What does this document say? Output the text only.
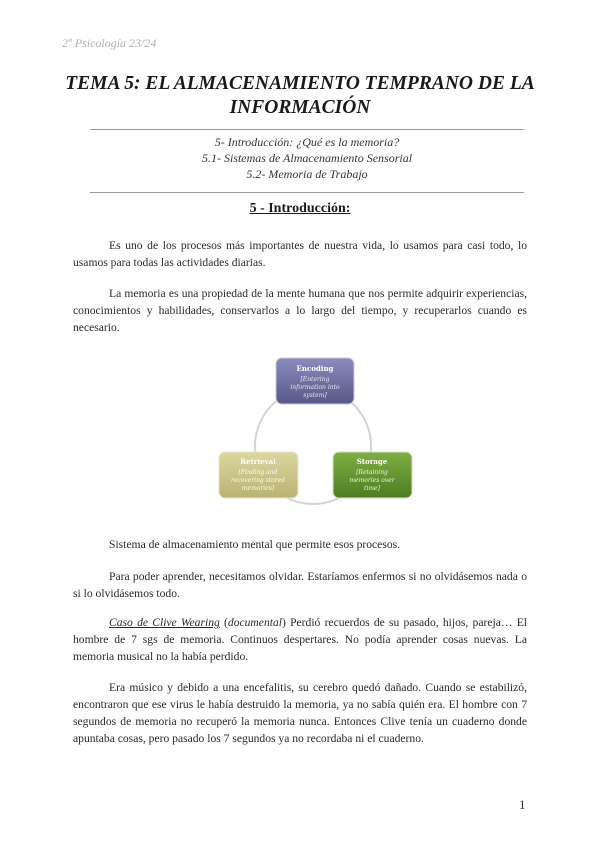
2º Psicología 23/24
TEMA 5: EL ALMACENAMIENTO TEMPRANO DE LA
INFORMACIÓN
5- Introducción: ¿Qué es la memoria?
5.1- Sistemas de Almacenamiento Sensorial
5.2- Memoria de Trabajo
5 - Introducción:

Es uno de los procesos más importantes de nuestra vida, lo usamos para casi todo, lo usamos para todas las actividades diarias.

La memoria es una propiedad de la mente humana que nos permite adquirir experiencias, conocimientos y habilidades, conservarlos a lo largo del tiempo, y recuperarlos cuando es necesario.

Encoding
[Entering
information into
system]
Storage
[Retaining
memories over
time]
Retrieval
[Finding and
recovering stored
memories]

Sistema de almacenamiento mental que permite esos procesos.

Para poder aprender, necesitamos olvidar. Estaríamos enfermos si no olvidásemos nada o si lo olvidásemos todo.

Caso de Clive Wearing (documental) Perdió recuerdos de su pasado, hijos, pareja… El hombre de 7 sgs de memoria. Continuos despertares. No podía aprender cosas nuevas. La memoria musical no la había perdido.

Era músico y debido a una encefalitis, su cerebro quedó dañado. Cuando se estabilizó, encontraron que ese virus le había destruido la memoria, ya no sabía quién era. El hombre con 7 segundos de memoria no recuperó la memoria nunca. Entonces Clive tenía un cuaderno donde apuntaba cosas, pero pasado los 7 segundos ya no recordaba ni el cuaderno.

1
